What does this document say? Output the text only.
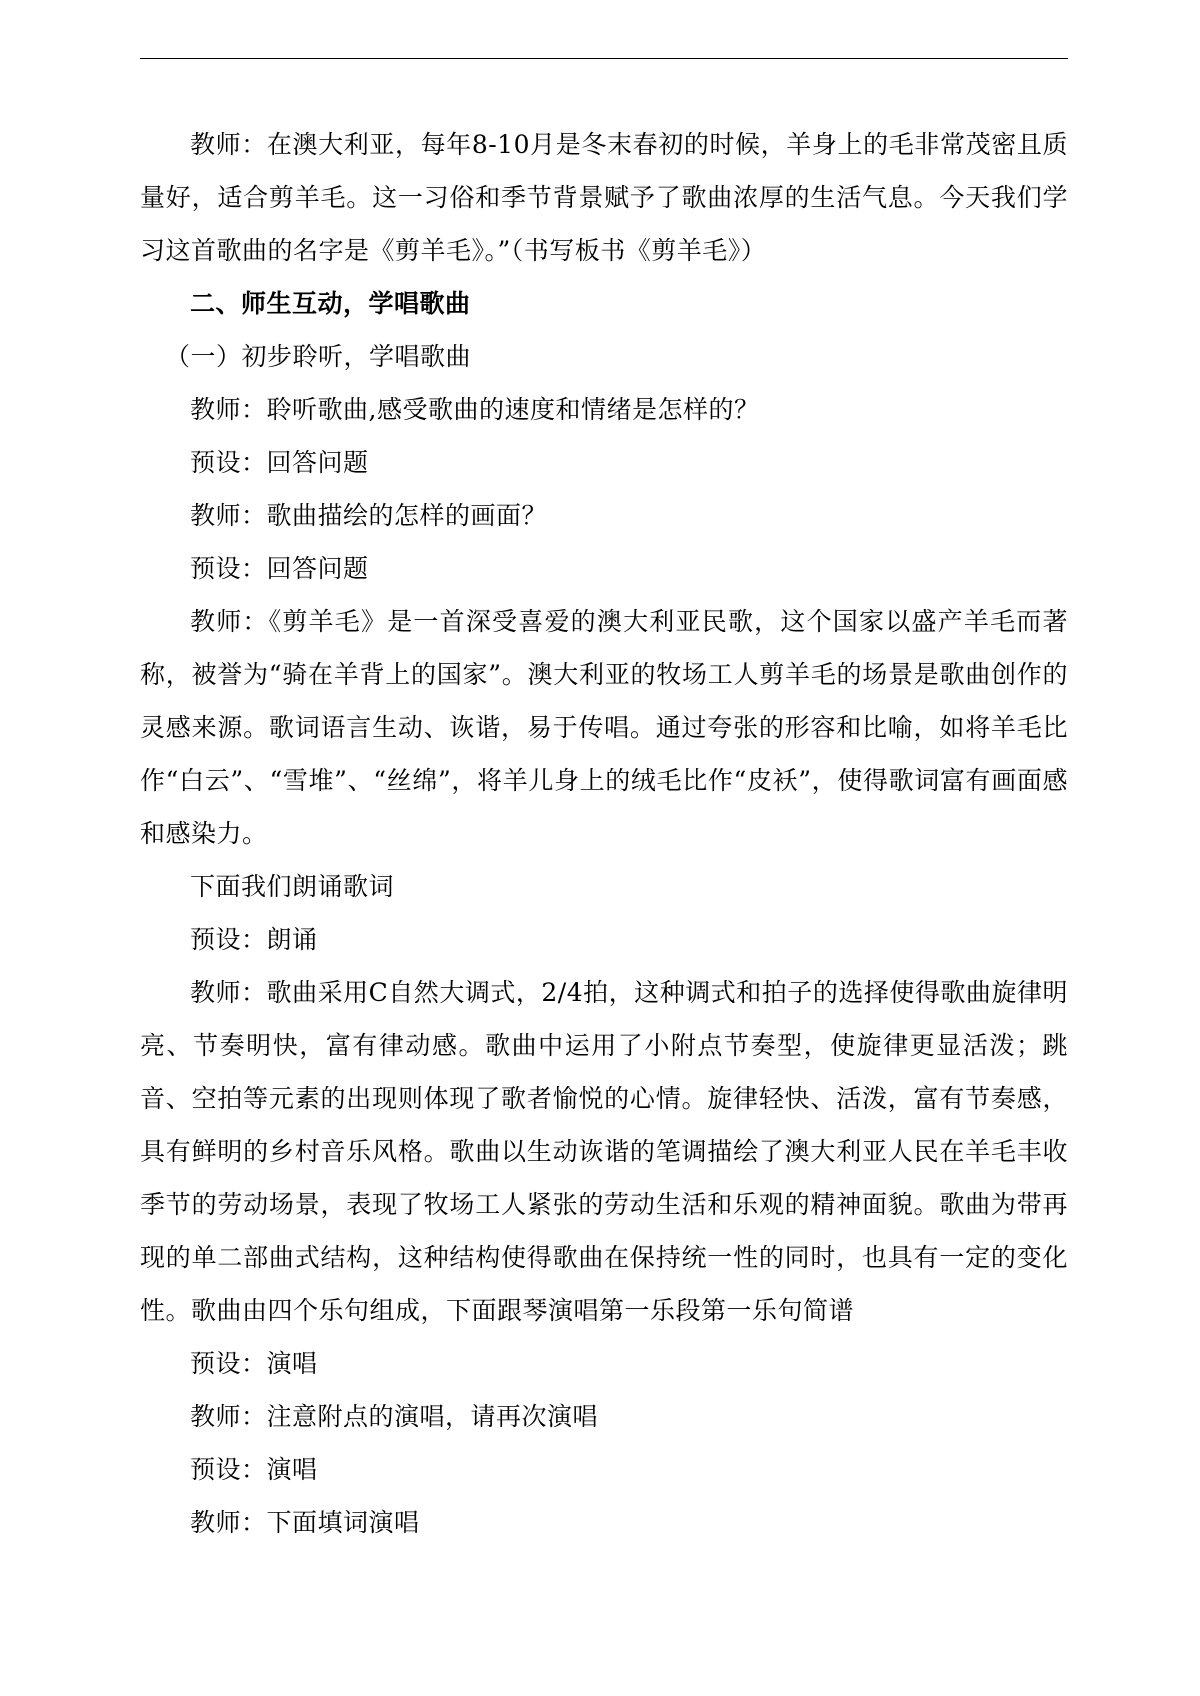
教师：在澳大利亚，每年8-10月是冬末春初的时候，羊身上的毛非常茂密且质量好，适合剪羊毛。这一习俗和季节背景赋予了歌曲浓厚的生活气息。今天我们学习这首歌曲的名字是《剪羊毛》。”（书写板书《剪羊毛》）

二、师生互动，学唱歌曲

（一）初步聆听，学唱歌曲

教师：聆听歌曲,感受歌曲的速度和情绪是怎样的？

预设：回答问题

教师：歌曲描绘的怎样的画面？

预设：回答问题

教师：《剪羊毛》是一首深受喜爱的澳大利亚民歌，这个国家以盛产羊毛而著称，被誉为“骑在羊背上的国家”。澳大利亚的牧场工人剪羊毛的场景是歌曲创作的灵感来源。歌词语言生动、诙谐，易于传唱。通过夸张的形容和比喻，如将羊毛比作“白云”、“雪堆”、“丝绵”，将羊儿身上的绒毛比作“皮袄”，使得歌词富有画面感和感染力。

下面我们朗诵歌词

预设：朗诵

教师：歌曲采用C自然大调式，2/4拍，这种调式和拍子的选择使得歌曲旋律明亮、节奏明快，富有律动感。歌曲中运用了小附点节奏型，使旋律更显活泼；跳音、空拍等元素的出现则体现了歌者愉悦的心情。旋律轻快、活泼，富有节奏感，具有鲜明的乡村音乐风格。歌曲以生动诙谐的笔调描绘了澳大利亚人民在羊毛丰收季节的劳动场景，表现了牧场工人紧张的劳动生活和乐观的精神面貌。歌曲为带再现的单二部曲式结构，这种结构使得歌曲在保持统一性的同时，也具有一定的变化性。歌曲由四个乐句组成，下面跟琴演唱第一乐段第一乐句简谱

预设：演唱

教师：注意附点的演唱，请再次演唱

预设：演唱

教师：下面填词演唱
